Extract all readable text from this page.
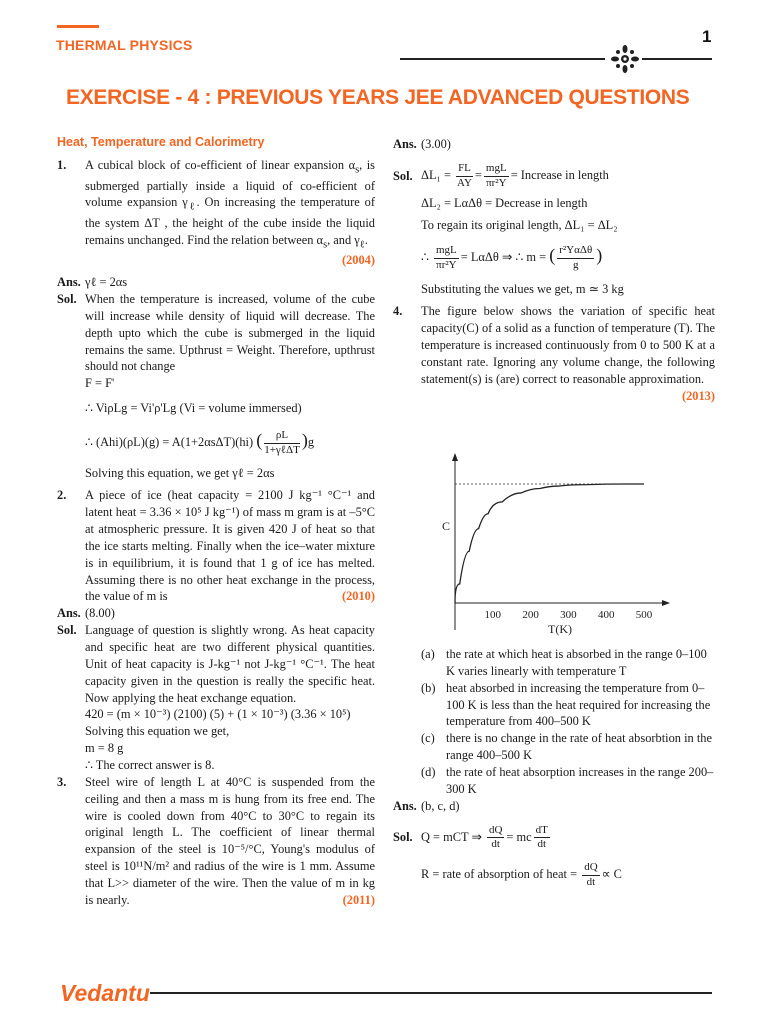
THERMAL PHYSICS	1
EXERCISE - 4 : PREVIOUS YEARS JEE ADVANCED QUESTIONS
Heat, Temperature and Calorimetry
1.	A cubical block of co-efficient of linear expansion $\alpha_s$, is submerged partially inside a liquid of co-efficient of volume expansion $\gamma_\ell$. On increasing the temperature of the system ΔT , the height of the cube inside the liquid remains unchanged. Find the relation between $\alpha_s$, and $\gamma_\ell$.
(2004)
Ans. γℓ = 2αs
Sol. When the temperature is increased, volume of the cube will increase while density of liquid will decrease. The depth upto which the cube is submerged in the liquid remains the same. Upthrust = Weight. Therefore, upthrust should not change
F = F'
∴ ViρLg = Vi'ρ'Lg (Vi = volume immersed)
∴ (Ahi)(ρL)(g) = A(1+2αsΔT)(hi) ( $\frac{\rho L}{\text{1+γℓΔT}} )g$
Solving this equation, we get γℓ = 2αs
2.	A piece of ice (heat capacity = 2100 J kg⁻¹ °C⁻¹ and latent heat = 3.36 × 10⁵ J kg⁻¹) of mass m gram is at –5°C at atmospheric pressure. It is given 420 J of heat so that the ice starts melting. Finally when the ice–water mixture is in equilibrium, it is found that 1 g of ice has melted. Assuming there is no other heat exchange in the process, the value of m is	(2010)
Ans. (8.00)
Sol. Language of question is slightly wrong. As heat capacity and specific heat are two different physical quantities. Unit of heat capacity is J-kg⁻¹ not J-kg⁻¹ °C⁻¹. The heat capacity given in the question is really the specific heat. Now applying the heat exchange equation.
420 = (m × 10⁻³) (2100) (5) + (1 × 10⁻³) (3.36 × 10⁵)
Solving this equation we get,
m = 8 g
∴ The correct answer is 8.
3.	Steel wire of length L at 40°C is suspended from the ceiling and then a mass m is hung from its free end. The wire is cooled down from 40°C to 30°C to regain its original length L. The coefficient of linear thermal expansion of the steel is 10⁻⁵/°C, Young's modulus of steel is 10¹¹N/m² and radius of the wire is 1 mm. Assume that L>> diameter of the wire. Then the value of m in kg is nearly.	(2011)
Ans. (3.00)
Sol. $\Delta L_1 = \frac{FL}{AY} = \frac{\text{mgL}}{\text{πr²Y}}$ = Increase in length
ΔL₂ = LαΔθ = Decrease in length
To regain its original length, ΔL₁ = ΔL₂
∴ $\frac{\text{mgL}}{\text{πr²Y}} = L\alpha\Delta\theta$ ⇒ ∴ m = ( $\frac{\text{r²YαΔθ}}{g}$ )
Substituting the values we get, m ≃ 3 kg
4.	The figure below shows the variation of specific heat capacity(C) of a solid as a function of temperature (T). The temperature is increased continuously from 0 to 500 K at a constant rate. Ignoring any volume change, the following statement(s) is (are) correct to reasonable approximation.
(2013)
C
100 200 300 400 500
T(K)
(a) the rate at which heat is absorbed in the range 0–100 K varies linearly with temperature T
(b) heat absorbed in increasing the temperature from 0–100 K is less than the heat required for increasing the temperature from 400–500 K
(c) there is no change in the rate of heat absorbtion in the range 400–500 K
(d) the rate of heat absorption increases in the range 200–300 K
Ans. (b, c, d)
Sol. Q = mCT ⇒ $\frac{dQ}{dt}$ = mc $\frac{dT}{dt}$
R = rate of absorption of heat = $\frac{dQ}{dt} \propto C$
Vedantu
